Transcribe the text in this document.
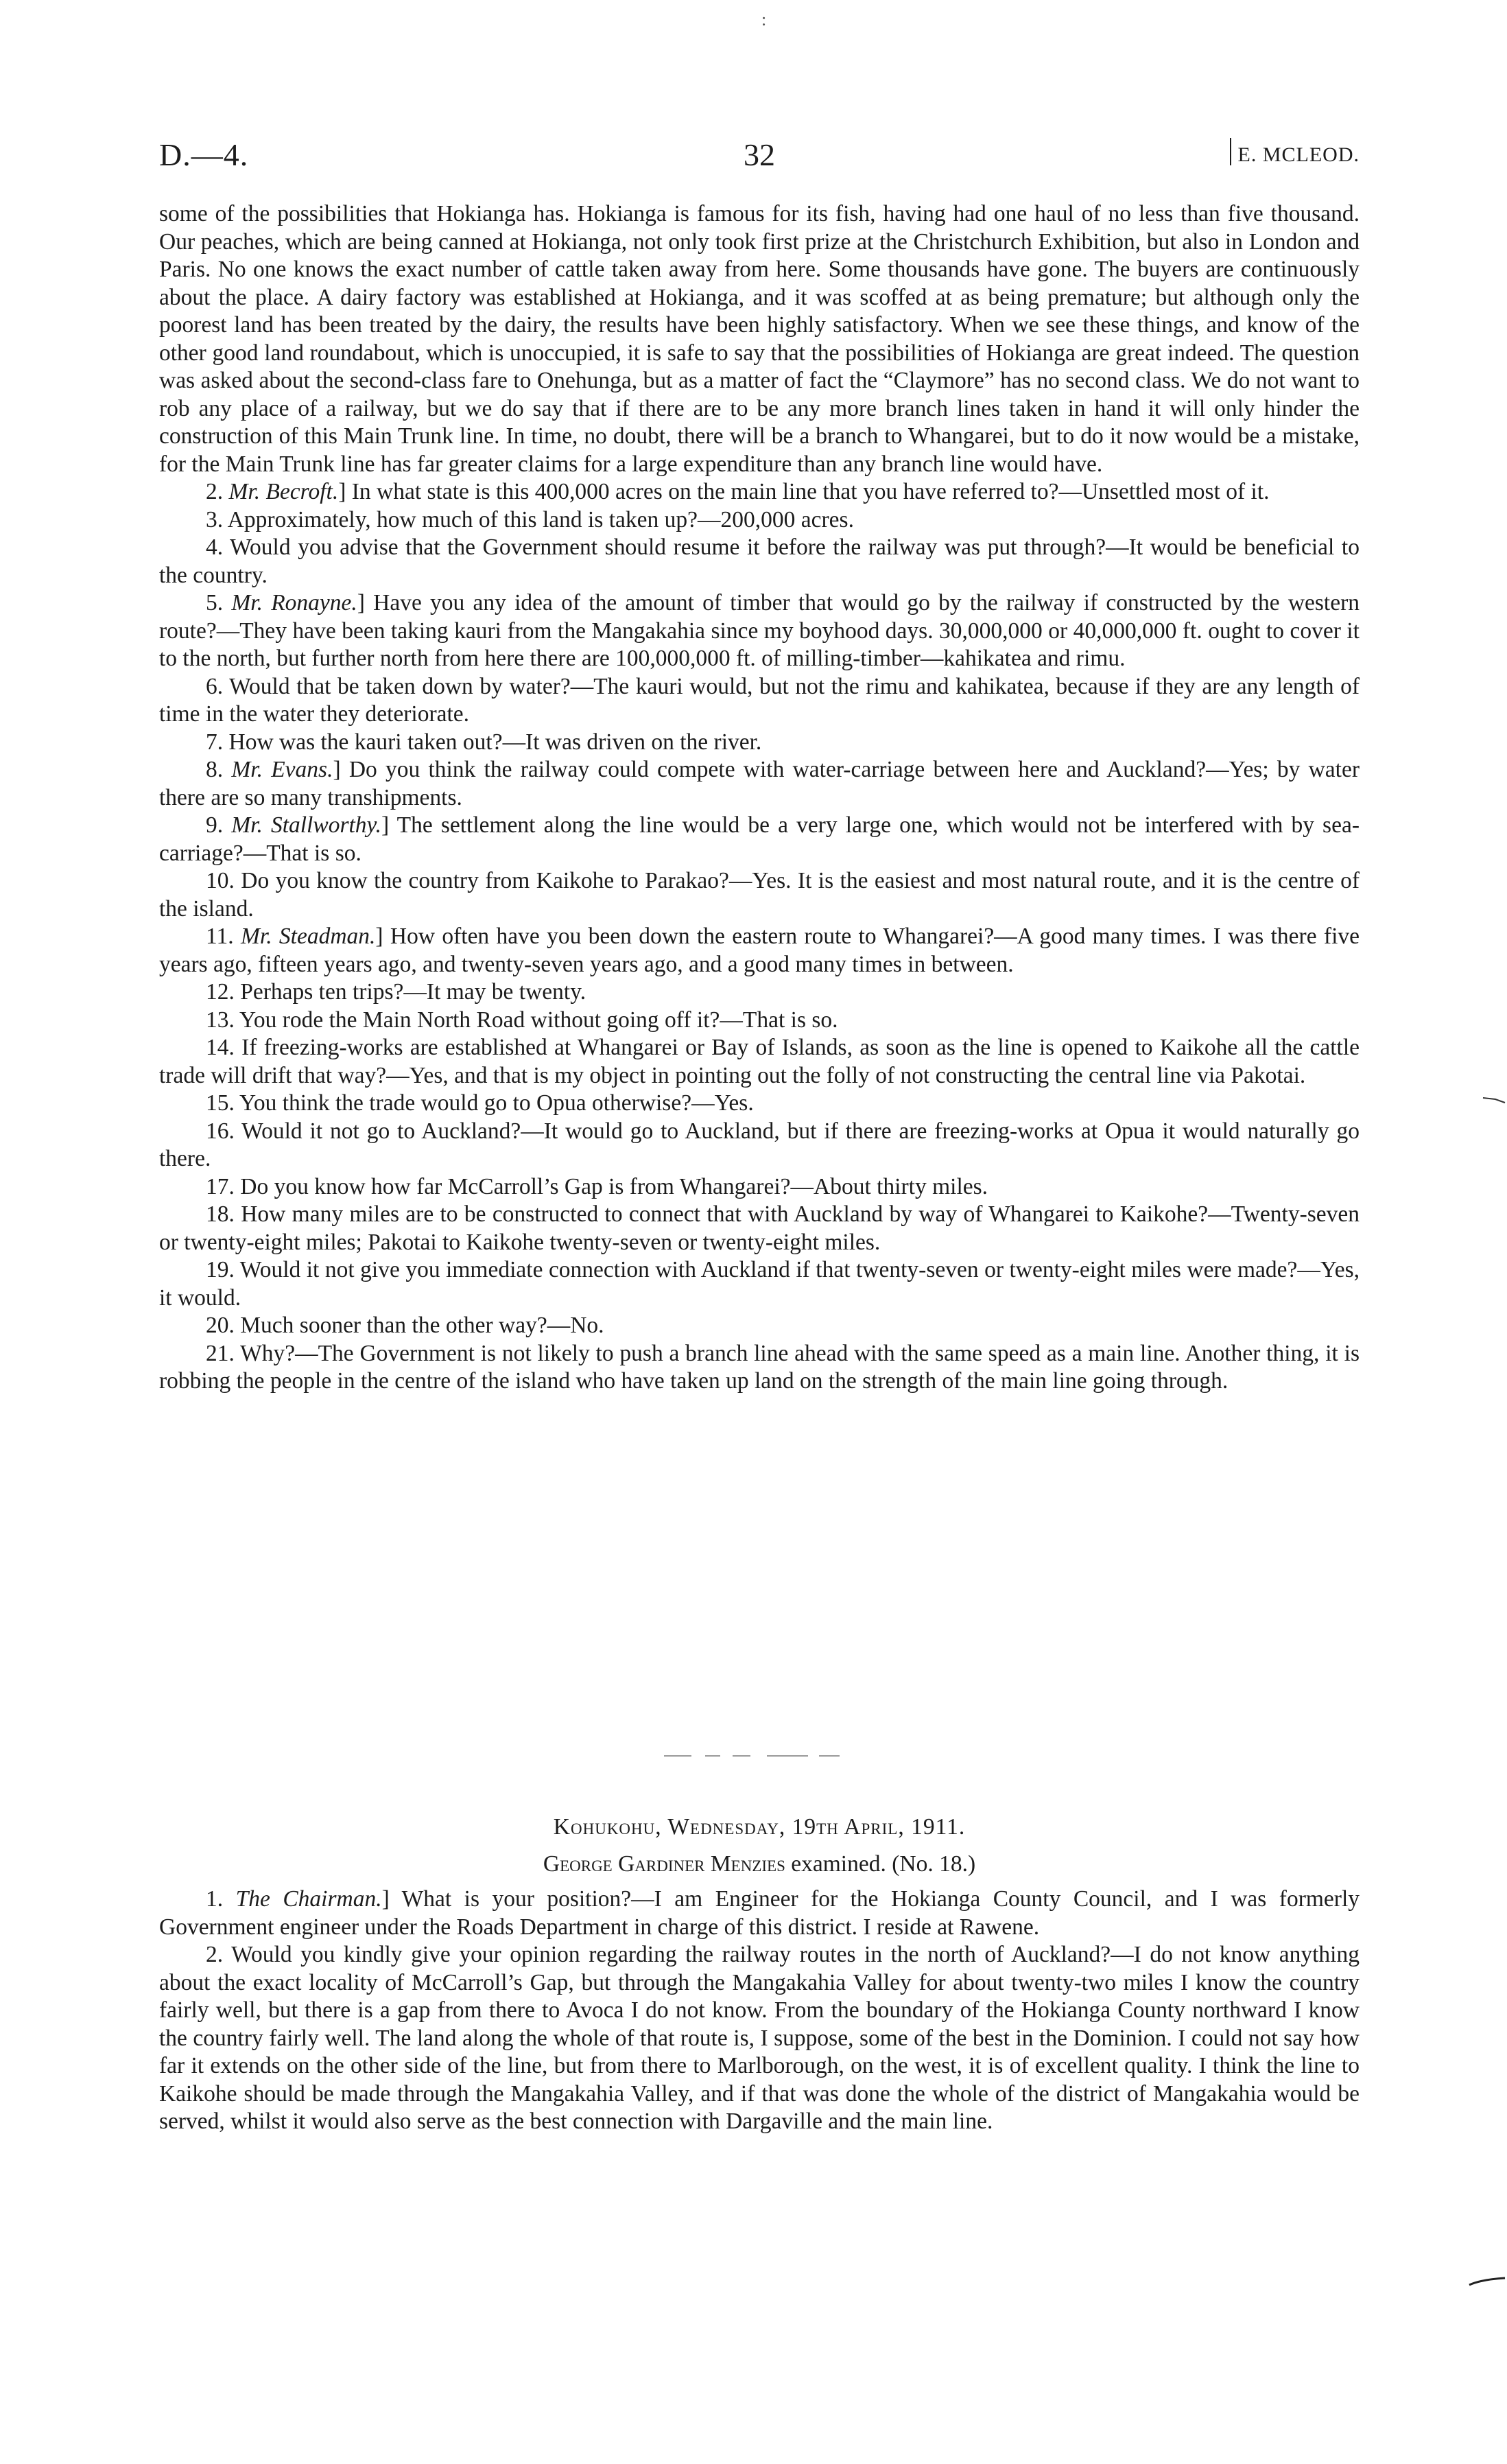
:
D.—4.	32	E. MCLEOD.

some of the possibilities that Hokianga has. Hokianga is famous for its fish, having had one haul of no less than five thousand. Our peaches, which are being canned at Hokianga, not only took first prize at the Christchurch Exhibition, but also in London and Paris. No one knows the exact number of cattle taken away from here. Some thousands have gone. The buyers are continuously about the place. A dairy factory was established at Hokianga, and it was scoffed at as being premature; but although only the poorest land has been treated by the dairy, the results have been highly satisfactory. When we see these things, and know of the other good land roundabout, which is unoccupied, it is safe to say that the possibilities of Hokianga are great indeed. The question was asked about the second-class fare to Onehunga, but as a matter of fact the “Claymore” has no second class. We do not want to rob any place of a railway, but we do say that if there are to be any more branch lines taken in hand it will only hinder the construction of this Main Trunk line. In time, no doubt, there will be a branch to Whangarei, but to do it now would be a mistake, for the Main Trunk line has far greater claims for a large expenditure than any branch line would have.

2. Mr. Becroft.] In what state is this 400,000 acres on the main line that you have referred to?—Unsettled most of it.

3. Approximately, how much of this land is taken up?—200,000 acres.

4. Would you advise that the Government should resume it before the railway was put through?—It would be beneficial to the country.

5. Mr. Ronayne.] Have you any idea of the amount of timber that would go by the railway if constructed by the western route?—They have been taking kauri from the Mangakahia since my boyhood days. 30,000,000 or 40,000,000 ft. ought to cover it to the north, but further north from here there are 100,000,000 ft. of milling-timber—kahikatea and rimu.

6. Would that be taken down by water?—The kauri would, but not the rimu and kahikatea, because if they are any length of time in the water they deteriorate.

7. How was the kauri taken out?—It was driven on the river.

8. Mr. Evans.] Do you think the railway could compete with water-carriage between here and Auckland?—Yes; by water there are so many transhipments.

9. Mr. Stallworthy.] The settlement along the line would be a very large one, which would not be interfered with by sea-carriage?—That is so.

10. Do you know the country from Kaikohe to Parakao?—Yes. It is the easiest and most natural route, and it is the centre of the island.

11. Mr. Steadman.] How often have you been down the eastern route to Whangarei?—A good many times. I was there five years ago, fifteen years ago, and twenty-seven years ago, and a good many times in between.

12. Perhaps ten trips?—It may be twenty.

13. You rode the Main North Road without going off it?—That is so.

14. If freezing-works are established at Whangarei or Bay of Islands, as soon as the line is opened to Kaikohe all the cattle trade will drift that way?—Yes, and that is my object in pointing out the folly of not constructing the central line via Pakotai.

15. You think the trade would go to Opua otherwise?—Yes.

16. Would it not go to Auckland?—It would go to Auckland, but if there are freezing-works at Opua it would naturally go there.

17. Do you know how far McCarroll’s Gap is from Whangarei?—About thirty miles.

18. How many miles are to be constructed to connect that with Auckland by way of Whangarei to Kaikohe?—Twenty-seven or twenty-eight miles; Pakotai to Kaikohe twenty-seven or twenty-eight miles.

19. Would it not give you immediate connection with Auckland if that twenty-seven or twenty-eight miles were made?—Yes, it would.

20. Much sooner than the other way?—No.

21. Why?—The Government is not likely to push a branch line ahead with the same speed as a main line. Another thing, it is robbing the people in the centre of the island who have taken up land on the strength of the main line going through.

Kohukohu, Wednesday, 19th April, 1911.
George Gardiner Menzies examined. (No. 18.)

1. The Chairman.] What is your position?—I am Engineer for the Hokianga County Council, and I was formerly Government engineer under the Roads Department in charge of this district. I reside at Rawene.

2. Would you kindly give your opinion regarding the railway routes in the north of Auckland?—I do not know anything about the exact locality of McCarroll’s Gap, but through the Mangakahia Valley for about twenty-two miles I know the country fairly well, but there is a gap from there to Avoca I do not know. From the boundary of the Hokianga County northward I know the country fairly well. The land along the whole of that route is, I suppose, some of the best in the Dominion. I could not say how far it extends on the other side of the line, but from there to Marlborough, on the west, it is of excellent quality. I think the line to Kaikohe should be made through the Mangakahia Valley, and if that was done the whole of the district of Mangakahia would be served, whilst it would also serve as the best connection with Dargaville and the main line.
